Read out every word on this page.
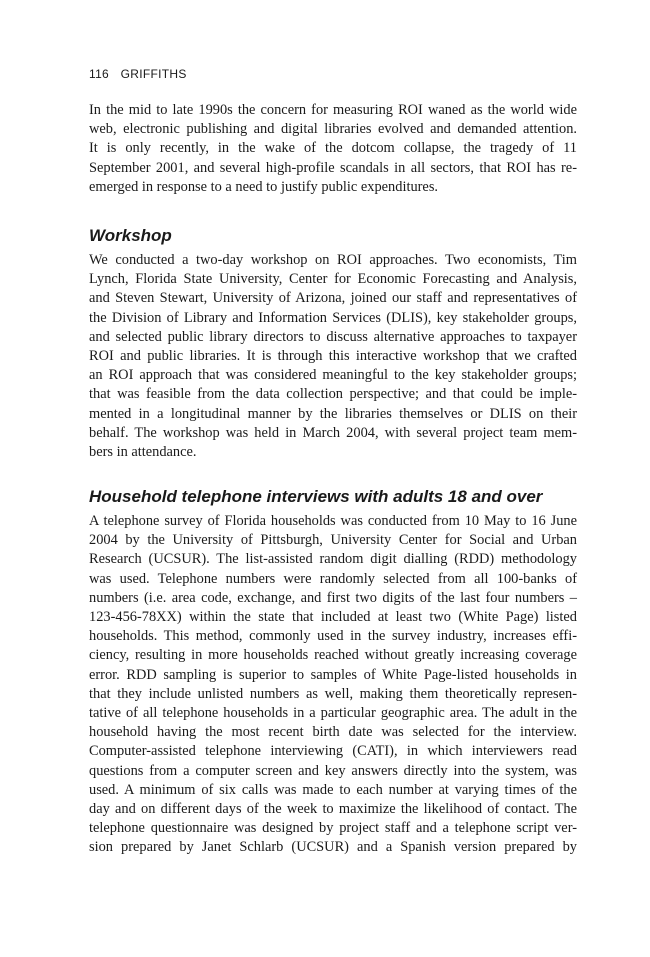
116 GRIFFITHS

In the mid to late 1990s the concern for measuring ROI waned as the world wide
web, electronic publishing and digital libraries evolved and demanded attention.
It is only recently, in the wake of the dotcom collapse, the tragedy of 11
September 2001, and several high-profile scandals in all sectors, that ROI has re-
emerged in response to a need to justify public expenditures.

Workshop

We conducted a two-day workshop on ROI approaches. Two economists, Tim
Lynch, Florida State University, Center for Economic Forecasting and Analysis,
and Steven Stewart, University of Arizona, joined our staff and representatives of
the Division of Library and Information Services (DLIS), key stakeholder groups,
and selected public library directors to discuss alternative approaches to taxpayer
ROI and public libraries. It is through this interactive workshop that we crafted
an ROI approach that was considered meaningful to the key stakeholder groups;
that was feasible from the data collection perspective; and that could be imple-
mented in a longitudinal manner by the libraries themselves or DLIS on their
behalf. The workshop was held in March 2004, with several project team mem-
bers in attendance.

Household telephone interviews with adults 18 and over

A telephone survey of Florida households was conducted from 10 May to 16 June
2004 by the University of Pittsburgh, University Center for Social and Urban
Research (UCSUR). The list-assisted random digit dialling (RDD) methodology
was used. Telephone numbers were randomly selected from all 100-banks of
numbers (i.e. area code, exchange, and first two digits of the last four numbers –
123-456-78XX) within the state that included at least two (White Page) listed
households. This method, commonly used in the survey industry, increases effi-
ciency, resulting in more households reached without greatly increasing coverage
error. RDD sampling is superior to samples of White Page-listed households in
that they include unlisted numbers as well, making them theoretically represen-
tative of all telephone households in a particular geographic area. The adult in the
household having the most recent birth date was selected for the interview.
Computer-assisted telephone interviewing (CATI), in which interviewers read
questions from a computer screen and key answers directly into the system, was
used. A minimum of six calls was made to each number at varying times of the
day and on different days of the week to maximize the likelihood of contact. The
telephone questionnaire was designed by project staff and a telephone script ver-
sion prepared by Janet Schlarb (UCSUR) and a Spanish version prepared by
